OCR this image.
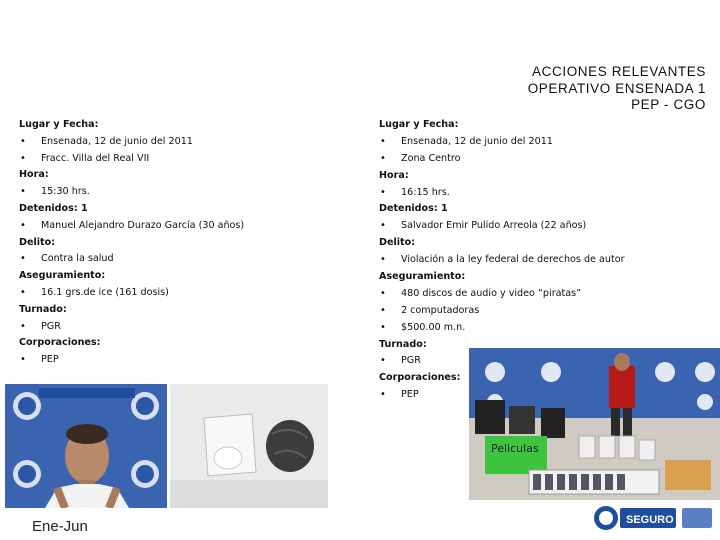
ACCIONES RELEVANTES
OPERATIVO ENSENADA 1
PEP - CGO
Lugar y Fecha:
• Ensenada, 12 de junio del 2011
• Fracc. Villa del Real VII
Hora:
• 15:30 hrs.
Detenidos: 1
• Manuel Alejandro Durazo García (30 años)
Delito:
• Contra la salud
Aseguramiento:
• 16.1 grs.de ice (161 dosis)
Turnado:
• PGR
Corporaciones:
• PEP
Lugar y Fecha:
• Ensenada, 12 de junio del 2011
• Zona Centro
Hora:
• 16:15 hrs.
Detenidos: 1
• Salvador Emir Pulido Arreola (22 años)
Delito:
• Violación a la ley federal de derechos de autor
Aseguramiento:
• 480 discos de audio y video “piratas”
• 2 computadoras
• $500.00 m.n.
Turnado:
• PGR
Corporaciones:
• PEP
Peliculas
Ene-Jun	SEGURO
